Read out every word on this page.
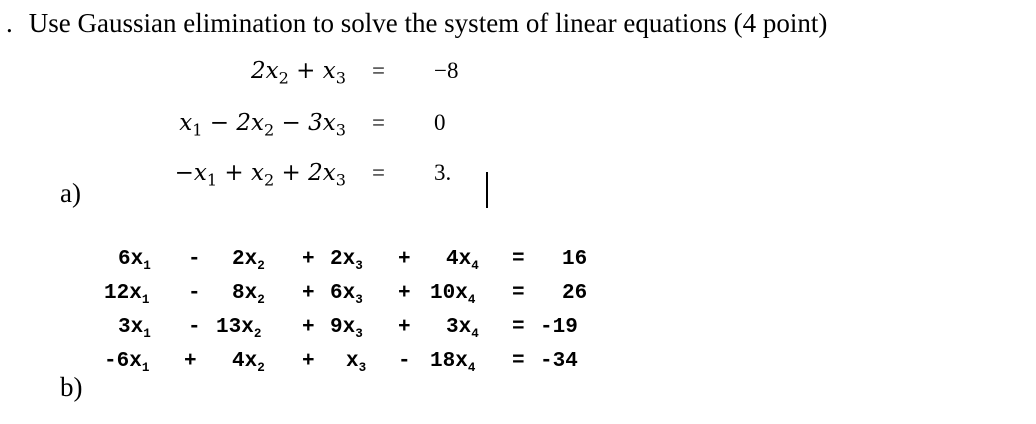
. Use Gaussian elimination to solve the system of linear equations (4 point)
$2x_2 + x_3 = -8$
$x_1 - 2x_2 - 3x_3 = 0$
$-x_1 + x_2 + 2x_3 = 3$.
a)
$6x_1 - 2x_2 + 2x_3 + 4x_4 = 16$
$12x_1 - 8x_2 + 6x_3 + 10x_4 = 26$
$3x_1 - 13x_2 + 9x_3 + 3x_4 = -19$
$-6x_1 + 4x_2 + x_3 - 18x_4 = -34$
b)
